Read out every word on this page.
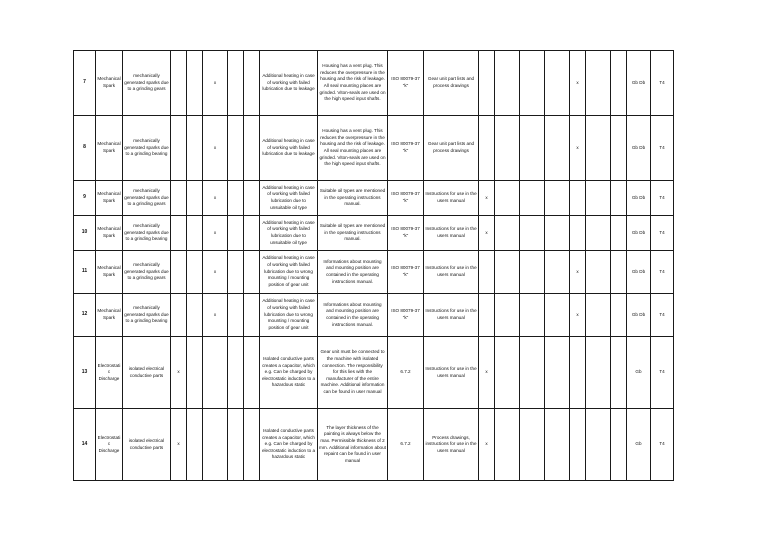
7	Mechanical Spark	mechanically generated sparks due to a grinding gears			x			Additional heating in case of working with failed lubrication due to leakage	Housing has a vent plug. This reduces the overpressure in the housing and the risk of leakage. All seal mounting places are grinded. Viton-seals are used on the high speed input shafts.	ISO 80079-37 "k"	Gear unit part lists and process drawings					x			Gb Db	T4
8	Mechanical Spark	mechanically generated sparks due to a grinding bearing			x			Additional heating in case of working with failed lubrication due to leakage	Housing has a vent plug. This reduces the overpressure in the housing and the risk of leakage. All seal mounting places are grinded. Viton-seals are used on the high speed input shafts.	ISO 80079-37 "k"	Gear unit part lists and process drawings					x			Gb Db	T4
9	Mechanical Spark	mechanically generated sparks due to a grinding gears			x			Additional heating in case of working with failed lubrication due to unsuitable oil type	Suitable oil types are mentioned in the operating instructions manual.	ISO 80079-37 "k"	Instructions for use in the users manual	x							Gb Db	T4
10	Mechanical Spark	mechanically generated sparks due to a grinding bearing			x			Additional heating in case of working with failed lubrication due to unsuitable oil type	Suitable oil types are mentioned in the operating instructions manual.	ISO 80079-37 "k"	Instructions for use in the users manual	x							Gb Db	T4
11	Mechanical Spark	mechanically generated sparks due to a grinding gears			x			Additional heating in case of working with failed lubrication due to wrong mounting / mounting position of gear unit	Informations about mounting and mounting position are contained in the operating instructions manual.	ISO 80079-37 "k"	Instructions for use in the users manual					x			Gb Db	T4
12	Mechanical Spark	mechanically generated sparks due to a grinding bearing			x			Additional heating in case of working with failed lubrication due to wrong mounting / mounting position of gear unit	Informations about mounting and mounting position are contained in the operating instructions manual.	ISO 80079-37 "k"	Instructions for use in the users manual					x			Gb Db	T4
13	Electrostatic Discharge	isolated electrical conductive parts	x					Isolated conductive parts creates a capacitor, which e.g. Can be charged by electrostatic induction to a hazardous static	Gear unit must be connected to the machine with isolated connection. The responsibility for this lies with the manufacturer of the entire machine. Additional information can be found in user manual	6.7.2	Instructions for use in the users manual	x							Gb	T4
14	Electrostatic Discharge	isolated electrical conductive parts	x					Isolated conductive parts creates a capacitor, which e.g. Can be charged by electrostatic induction to a hazardous static	The layer thickness of the painting is always below the max. Permissible thickness of 2 mm. Additional information about repaint can be found in user manual	6.7.2	Process drawings, instructions for use in the users manual	x							Gb	T4
